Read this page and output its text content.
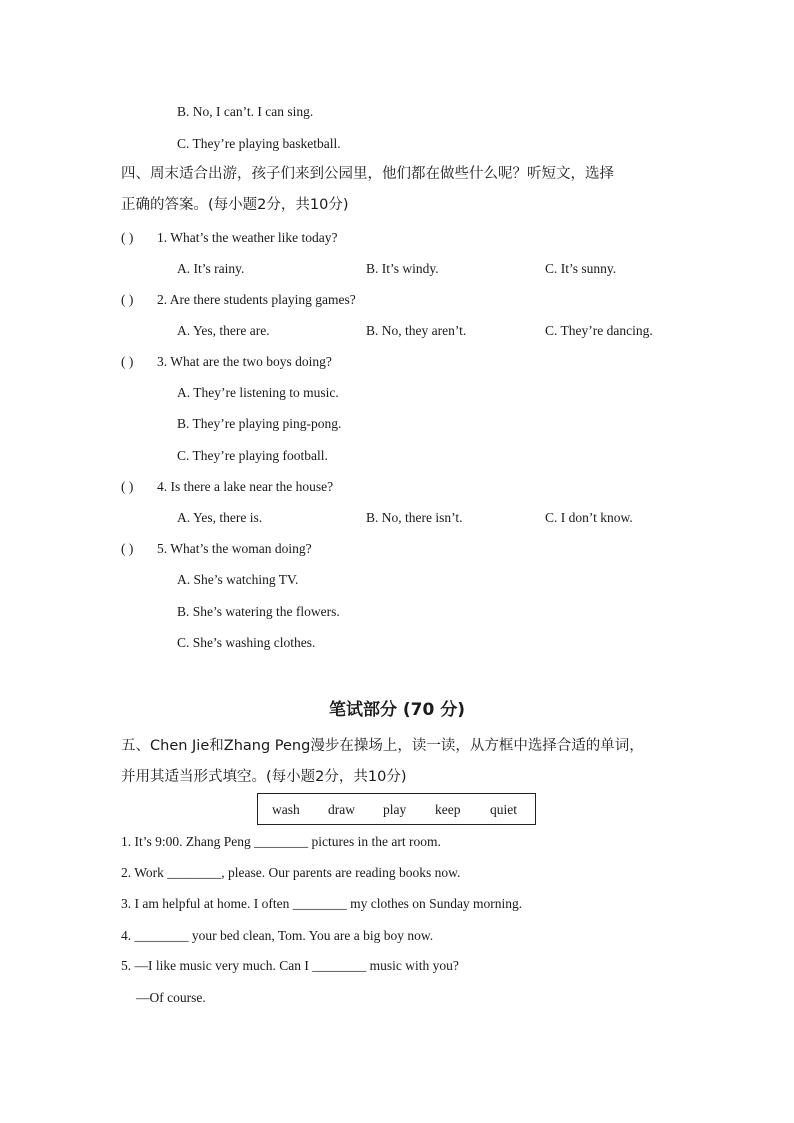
B. No, I can’t. I can sing.
C. They’re playing basketball.
四、周末适合出游，孩子们来到公园里，他们都在做些什么呢？听短文，选择
正确的答案。(每小题2分，共10分)
( ) 1. What’s the weather like today?
A. It’s rainy.	B. It’s windy.	C. It’s sunny.
( ) 2. Are there students playing games?
A. Yes, there are.	B. No, they aren’t.	C. They’re dancing.
( ) 3. What are the two boys doing?
A. They’re listening to music.
B. They’re playing ping-pong.
C. They’re playing football.
( ) 4. Is there a lake near the house?
A. Yes, there is.	B. No, there isn’t.	C. I don’t know.
( ) 5. What’s the woman doing?
A. She’s watching TV.
B. She’s watering the flowers.
C. She’s washing clothes.
笔试部分 (70 分)
五、Chen Jie和Zhang Peng漫步在操场上，读一读，从方框中选择合适的单词，
并用其适当形式填空。(每小题2分，共10分)
wash draw play keep quiet
1. It’s 9:00. Zhang Peng ________ pictures in the art room.
2. Work ________, please. Our parents are reading books now.
3. I am helpful at home. I often ________ my clothes on Sunday morning.
4. ________ your bed clean, Tom. You are a big boy now.
5. —I like music very much. Can I ________ music with you?
—Of course.
